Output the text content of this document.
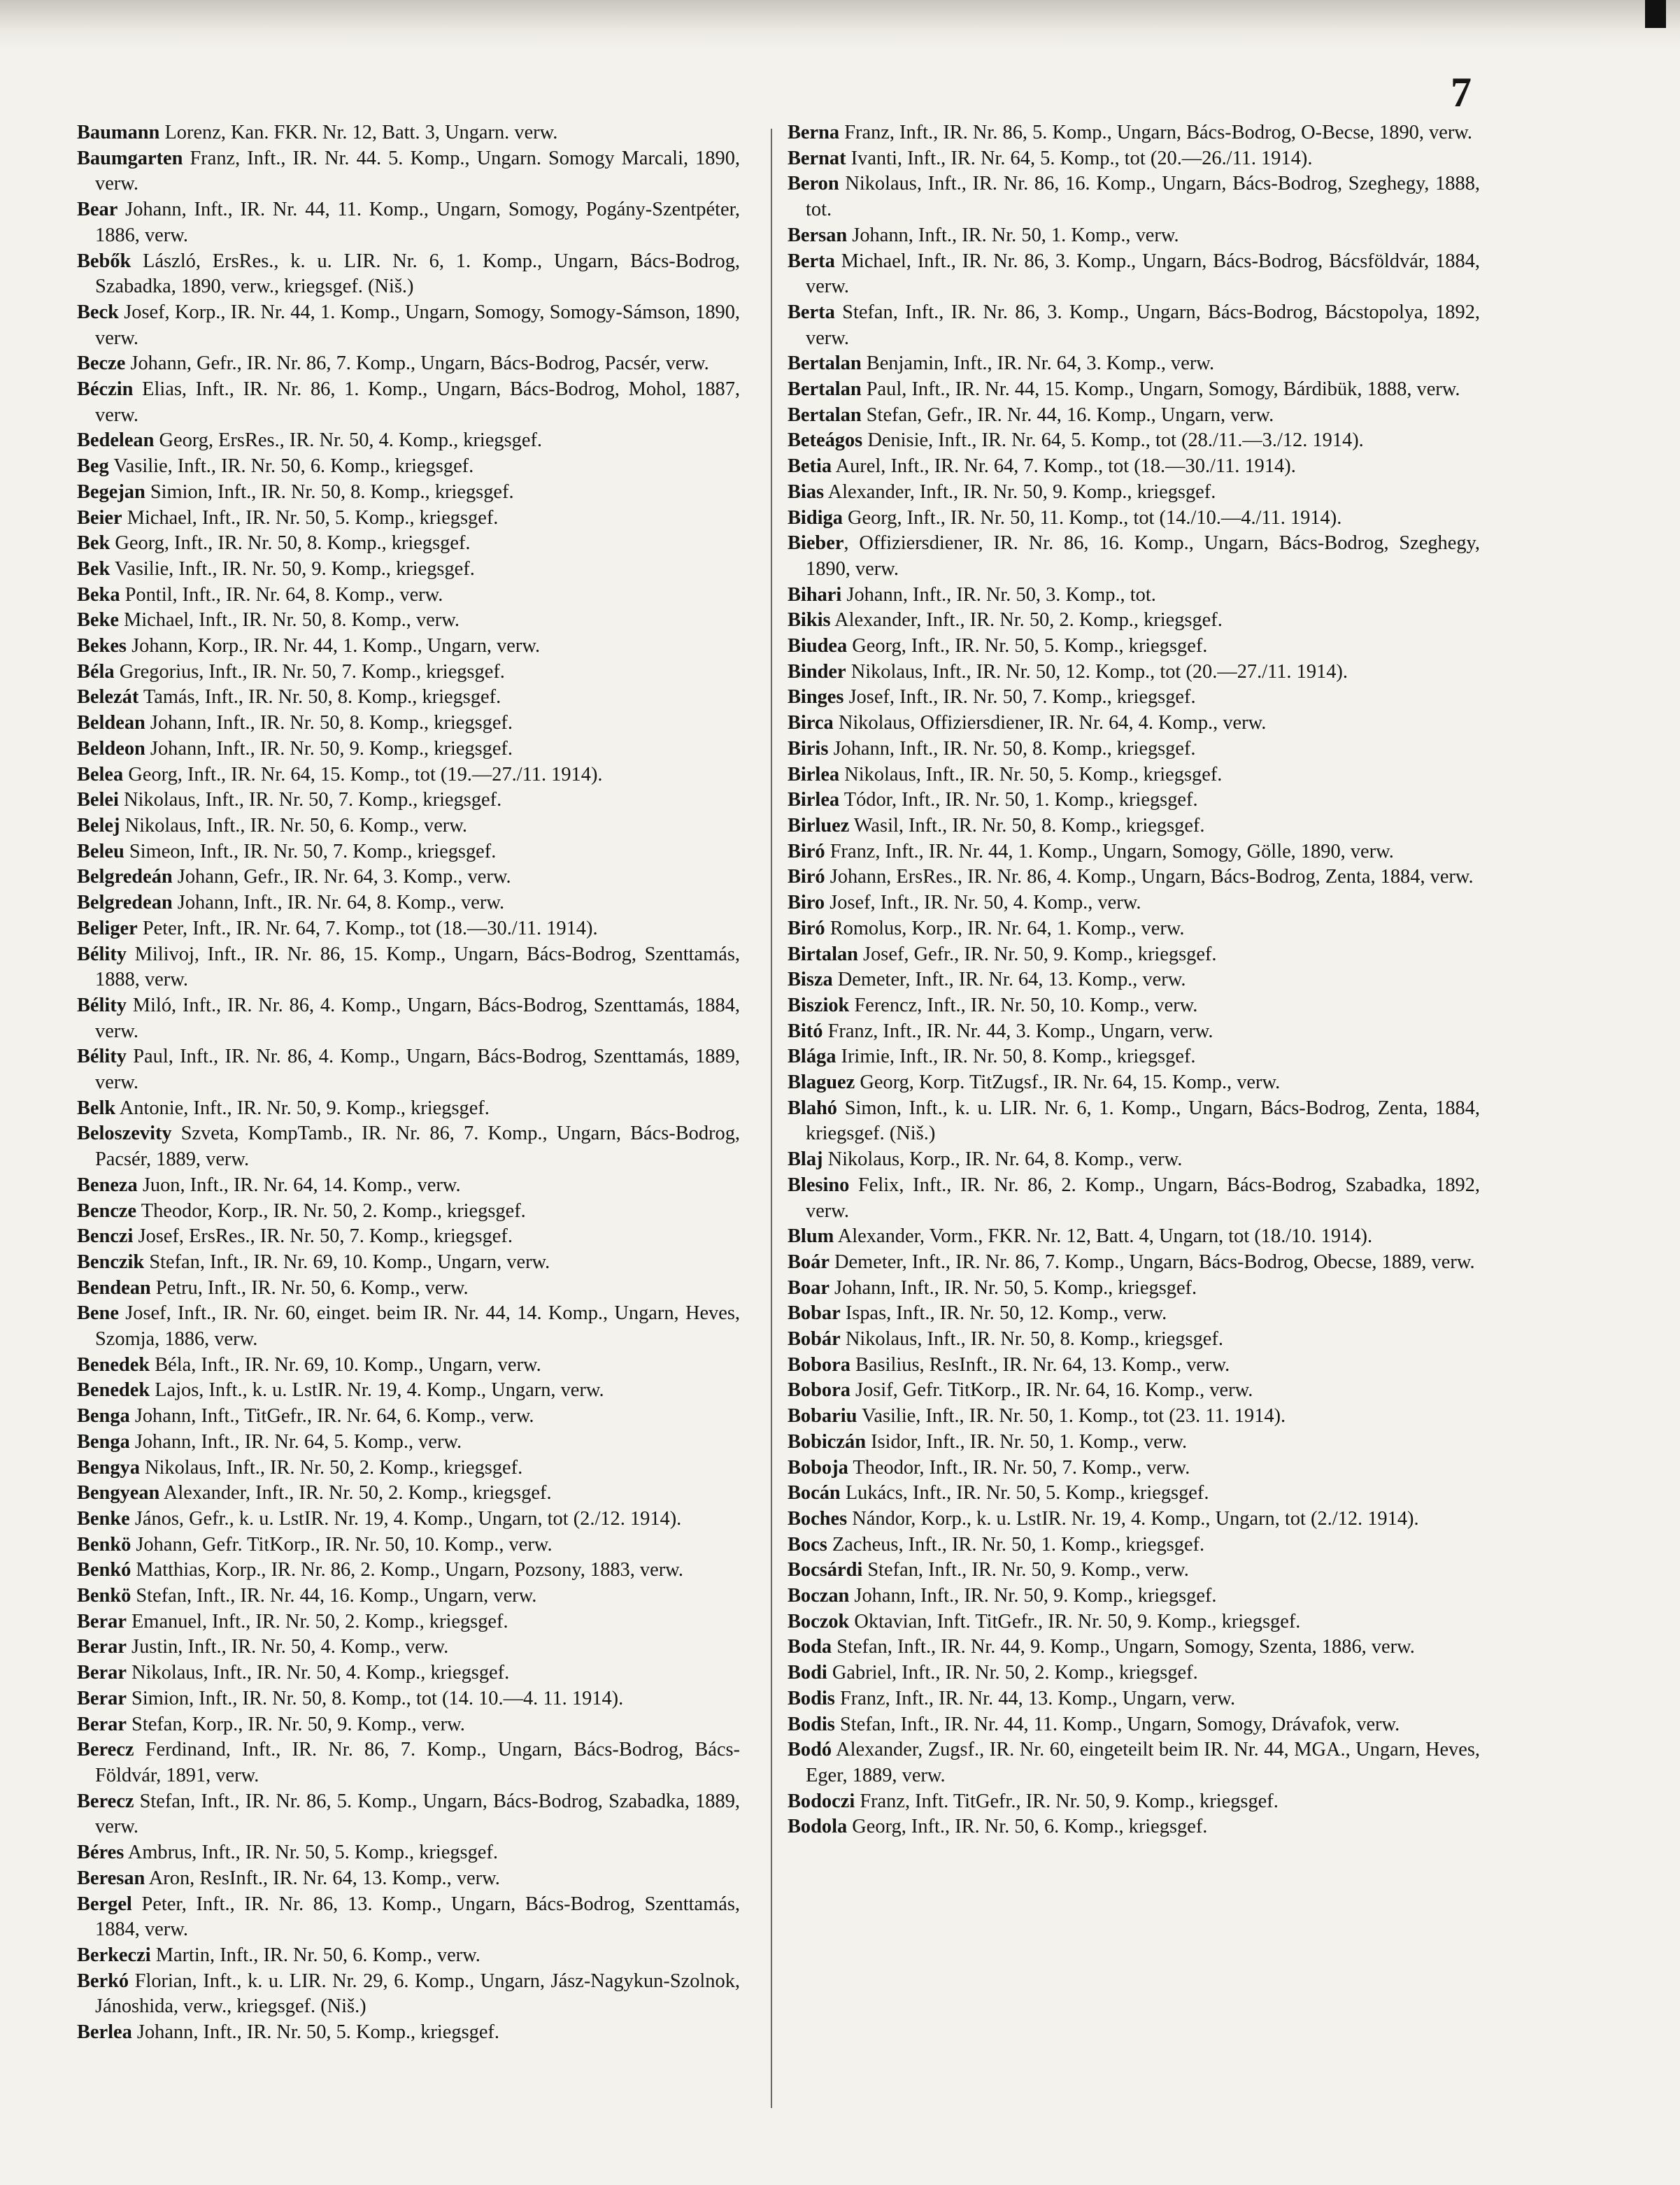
7

Baumann Lorenz, Kan. FKR. Nr. 12, Batt. 3, Ungarn. verw.

Baumgarten Franz, Inft., IR. Nr. 44. 5. Komp., Ungarn. Somogy Marcali, 1890, verw.

Bear Johann, Inft., IR. Nr. 44, 11. Komp., Ungarn, Somogy, Pogány-Szentpéter, 1886, verw.

Bebők László, ErsRes., k. u. LIR. Nr. 6, 1. Komp., Ungarn, Bács-Bodrog, Szabadka, 1890, verw., kriegsgef. (Niš.)

Beck Josef, Korp., IR. Nr. 44, 1. Komp., Ungarn, Somogy, Somogy-Sámson, 1890, verw.

Becze Johann, Gefr., IR. Nr. 86, 7. Komp., Ungarn, Bács-Bodrog, Pacsér, verw.

Béczin Elias, Inft., IR. Nr. 86, 1. Komp., Ungarn, Bács-Bodrog, Mohol, 1887, verw.

Bedelean Georg, ErsRes., IR. Nr. 50, 4. Komp., kriegsgef.

Beg Vasilie, Inft., IR. Nr. 50, 6. Komp., kriegsgef.

Begejan Simion, Inft., IR. Nr. 50, 8. Komp., kriegsgef.

Beier Michael, Inft., IR. Nr. 50, 5. Komp., kriegsgef.

Bek Georg, Inft., IR. Nr. 50, 8. Komp., kriegsgef.

Bek Vasilie, Inft., IR. Nr. 50, 9. Komp., kriegsgef.

Beka Pontil, Inft., IR. Nr. 64, 8. Komp., verw.

Beke Michael, Inft., IR. Nr. 50, 8. Komp., verw.

Bekes Johann, Korp., IR. Nr. 44, 1. Komp., Ungarn, verw.

Béla Gregorius, Inft., IR. Nr. 50, 7. Komp., kriegsgef.

Belezát Tamás, Inft., IR. Nr. 50, 8. Komp., kriegsgef.

Beldean Johann, Inft., IR. Nr. 50, 8. Komp., kriegsgef.

Beldeon Johann, Inft., IR. Nr. 50, 9. Komp., kriegsgef.

Belea Georg, Inft., IR. Nr. 64, 15. Komp., tot (19.—27./11. 1914).

Belei Nikolaus, Inft., IR. Nr. 50, 7. Komp., kriegsgef.

Belej Nikolaus, Inft., IR. Nr. 50, 6. Komp., verw.

Beleu Simeon, Inft., IR. Nr. 50, 7. Komp., kriegsgef.

Belgredeán Johann, Gefr., IR. Nr. 64, 3. Komp., verw.

Belgredean Johann, Inft., IR. Nr. 64, 8. Komp., verw.

Beliger Peter, Inft., IR. Nr. 64, 7. Komp., tot (18.—30./11. 1914).

Bélity Milivoj, Inft., IR. Nr. 86, 15. Komp., Ungarn, Bács-Bodrog, Szenttamás, 1888, verw.

Bélity Miló, Inft., IR. Nr. 86, 4. Komp., Ungarn, Bács-Bodrog, Szenttamás, 1884, verw.

Bélity Paul, Inft., IR. Nr. 86, 4. Komp., Ungarn, Bács-Bodrog, Szenttamás, 1889, verw.

Belk Antonie, Inft., IR. Nr. 50, 9. Komp., kriegsgef.

Beloszevity Szveta, KompTamb., IR. Nr. 86, 7. Komp., Ungarn, Bács-Bodrog, Pacsér, 1889, verw.

Beneza Juon, Inft., IR. Nr. 64, 14. Komp., verw.

Bencze Theodor, Korp., IR. Nr. 50, 2. Komp., kriegsgef.

Benczi Josef, ErsRes., IR. Nr. 50, 7. Komp., kriegsgef.

Benczik Stefan, Inft., IR. Nr. 69, 10. Komp., Ungarn, verw.

Bendean Petru, Inft., IR. Nr. 50, 6. Komp., verw.

Bene Josef, Inft., IR. Nr. 60, einget. beim IR. Nr. 44, 14. Komp., Ungarn, Heves, Szomja, 1886, verw.

Benedek Béla, Inft., IR. Nr. 69, 10. Komp., Ungarn, verw.

Benedek Lajos, Inft., k. u. LstIR. Nr. 19, 4. Komp., Ungarn, verw.

Benga Johann, Inft., TitGefr., IR. Nr. 64, 6. Komp., verw.

Benga Johann, Inft., IR. Nr. 64, 5. Komp., verw.

Bengya Nikolaus, Inft., IR. Nr. 50, 2. Komp., kriegsgef.

Bengyean Alexander, Inft., IR. Nr. 50, 2. Komp., kriegsgef.

Benke János, Gefr., k. u. LstIR. Nr. 19, 4. Komp., Ungarn, tot (2./12. 1914).

Benkö Johann, Gefr. TitKorp., IR. Nr. 50, 10. Komp., verw.

Benkó Matthias, Korp., IR. Nr. 86, 2. Komp., Ungarn, Pozsony, 1883, verw.

Benkö Stefan, Inft., IR. Nr. 44, 16. Komp., Ungarn, verw.

Berar Emanuel, Inft., IR. Nr. 50, 2. Komp., kriegsgef.

Berar Justin, Inft., IR. Nr. 50, 4. Komp., verw.

Berar Nikolaus, Inft., IR. Nr. 50, 4. Komp., kriegsgef.

Berar Simion, Inft., IR. Nr. 50, 8. Komp., tot (14. 10.—4. 11. 1914).

Berar Stefan, Korp., IR. Nr. 50, 9. Komp., verw.

Berecz Ferdinand, Inft., IR. Nr. 86, 7. Komp., Ungarn, Bács-Bodrog, Bács-Földvár, 1891, verw.

Berecz Stefan, Inft., IR. Nr. 86, 5. Komp., Ungarn, Bács-Bodrog, Szabadka, 1889, verw.

Béres Ambrus, Inft., IR. Nr. 50, 5. Komp., kriegsgef.

Beresan Aron, ResInft., IR. Nr. 64, 13. Komp., verw.

Bergel Peter, Inft., IR. Nr. 86, 13. Komp., Ungarn, Bács-Bodrog, Szenttamás, 1884, verw.

Berkeczi Martin, Inft., IR. Nr. 50, 6. Komp., verw.

Berkó Florian, Inft., k. u. LIR. Nr. 29, 6. Komp., Ungarn, Jász-Nagykun-Szolnok, Jánoshida, verw., kriegsgef. (Niš.)

Berlea Johann, Inft., IR. Nr. 50, 5. Komp., kriegsgef.

Berna Franz, Inft., IR. Nr. 86, 5. Komp., Ungarn, Bács-Bodrog, O-Becse, 1890, verw.

Bernat Ivanti, Inft., IR. Nr. 64, 5. Komp., tot (20.—26./11. 1914).

Beron Nikolaus, Inft., IR. Nr. 86, 16. Komp., Ungarn, Bács-Bodrog, Szeghegy, 1888, tot.

Bersan Johann, Inft., IR. Nr. 50, 1. Komp., verw.

Berta Michael, Inft., IR. Nr. 86, 3. Komp., Ungarn, Bács-Bodrog, Bácsföldvár, 1884, verw.

Berta Stefan, Inft., IR. Nr. 86, 3. Komp., Ungarn, Bács-Bodrog, Bácstopolya, 1892, verw.

Bertalan Benjamin, Inft., IR. Nr. 64, 3. Komp., verw.

Bertalan Paul, Inft., IR. Nr. 44, 15. Komp., Ungarn, Somogy, Bárdibük, 1888, verw.

Bertalan Stefan, Gefr., IR. Nr. 44, 16. Komp., Ungarn, verw.

Beteágos Denisie, Inft., IR. Nr. 64, 5. Komp., tot (28./11.—3./12. 1914).

Betia Aurel, Inft., IR. Nr. 64, 7. Komp., tot (18.—30./11. 1914).

Bias Alexander, Inft., IR. Nr. 50, 9. Komp., kriegsgef.

Bidiga Georg, Inft., IR. Nr. 50, 11. Komp., tot (14./10.—4./11. 1914).

Bieber, Offiziersdiener, IR. Nr. 86, 16. Komp., Ungarn, Bács-Bodrog, Szeghegy, 1890, verw.

Bihari Johann, Inft., IR. Nr. 50, 3. Komp., tot.

Bikis Alexander, Inft., IR. Nr. 50, 2. Komp., kriegsgef.

Biudea Georg, Inft., IR. Nr. 50, 5. Komp., kriegsgef.

Binder Nikolaus, Inft., IR. Nr. 50, 12. Komp., tot (20.—27./11. 1914).

Binges Josef, Inft., IR. Nr. 50, 7. Komp., kriegsgef.

Birca Nikolaus, Offiziersdiener, IR. Nr. 64, 4. Komp., verw.

Biris Johann, Inft., IR. Nr. 50, 8. Komp., kriegsgef.

Birlea Nikolaus, Inft., IR. Nr. 50, 5. Komp., kriegsgef.

Birlea Tódor, Inft., IR. Nr. 50, 1. Komp., kriegsgef.

Birluez Wasil, Inft., IR. Nr. 50, 8. Komp., kriegsgef.

Biró Franz, Inft., IR. Nr. 44, 1. Komp., Ungarn, Somogy, Gölle, 1890, verw.

Biró Johann, ErsRes., IR. Nr. 86, 4. Komp., Ungarn, Bács-Bodrog, Zenta, 1884, verw.

Biro Josef, Inft., IR. Nr. 50, 4. Komp., verw.

Biró Romolus, Korp., IR. Nr. 64, 1. Komp., verw.

Birtalan Josef, Gefr., IR. Nr. 50, 9. Komp., kriegsgef.

Bisza Demeter, Inft., IR. Nr. 64, 13. Komp., verw.

Bisziok Ferencz, Inft., IR. Nr. 50, 10. Komp., verw.

Bitó Franz, Inft., IR. Nr. 44, 3. Komp., Ungarn, verw.

Blága Irimie, Inft., IR. Nr. 50, 8. Komp., kriegsgef.

Blaguez Georg, Korp. TitZugsf., IR. Nr. 64, 15. Komp., verw.

Blahó Simon, Inft., k. u. LIR. Nr. 6, 1. Komp., Ungarn, Bács-Bodrog, Zenta, 1884, kriegsgef. (Niš.)

Blaj Nikolaus, Korp., IR. Nr. 64, 8. Komp., verw.

Blesino Felix, Inft., IR. Nr. 86, 2. Komp., Ungarn, Bács-Bodrog, Szabadka, 1892, verw.

Blum Alexander, Vorm., FKR. Nr. 12, Batt. 4, Ungarn, tot (18./10. 1914).

Boár Demeter, Inft., IR. Nr. 86, 7. Komp., Ungarn, Bács-Bodrog, Obecse, 1889, verw.

Boar Johann, Inft., IR. Nr. 50, 5. Komp., kriegsgef.

Bobar Ispas, Inft., IR. Nr. 50, 12. Komp., verw.

Bobár Nikolaus, Inft., IR. Nr. 50, 8. Komp., kriegsgef.

Bobora Basilius, ResInft., IR. Nr. 64, 13. Komp., verw.

Bobora Josif, Gefr. TitKorp., IR. Nr. 64, 16. Komp., verw.

Bobariu Vasilie, Inft., IR. Nr. 50, 1. Komp., tot (23. 11. 1914).

Bobiczán Isidor, Inft., IR. Nr. 50, 1. Komp., verw.

Boboja Theodor, Inft., IR. Nr. 50, 7. Komp., verw.

Bocán Lukács, Inft., IR. Nr. 50, 5. Komp., kriegsgef.

Boches Nándor, Korp., k. u. LstIR. Nr. 19, 4. Komp., Ungarn, tot (2./12. 1914).

Bocs Zacheus, Inft., IR. Nr. 50, 1. Komp., kriegsgef.

Bocsárdi Stefan, Inft., IR. Nr. 50, 9. Komp., verw.

Boczan Johann, Inft., IR. Nr. 50, 9. Komp., kriegsgef.

Boczok Oktavian, Inft. TitGefr., IR. Nr. 50, 9. Komp., kriegsgef.

Boda Stefan, Inft., IR. Nr. 44, 9. Komp., Ungarn, Somogy, Szenta, 1886, verw.

Bodi Gabriel, Inft., IR. Nr. 50, 2. Komp., kriegsgef.

Bodis Franz, Inft., IR. Nr. 44, 13. Komp., Ungarn, verw.

Bodis Stefan, Inft., IR. Nr. 44, 11. Komp., Ungarn, Somogy, Drávafok, verw.

Bodó Alexander, Zugsf., IR. Nr. 60, eingeteilt beim IR. Nr. 44, MGA., Ungarn, Heves, Eger, 1889, verw.

Bodoczi Franz, Inft. TitGefr., IR. Nr. 50, 9. Komp., kriegsgef.

Bodola Georg, Inft., IR. Nr. 50, 6. Komp., kriegsgef.
